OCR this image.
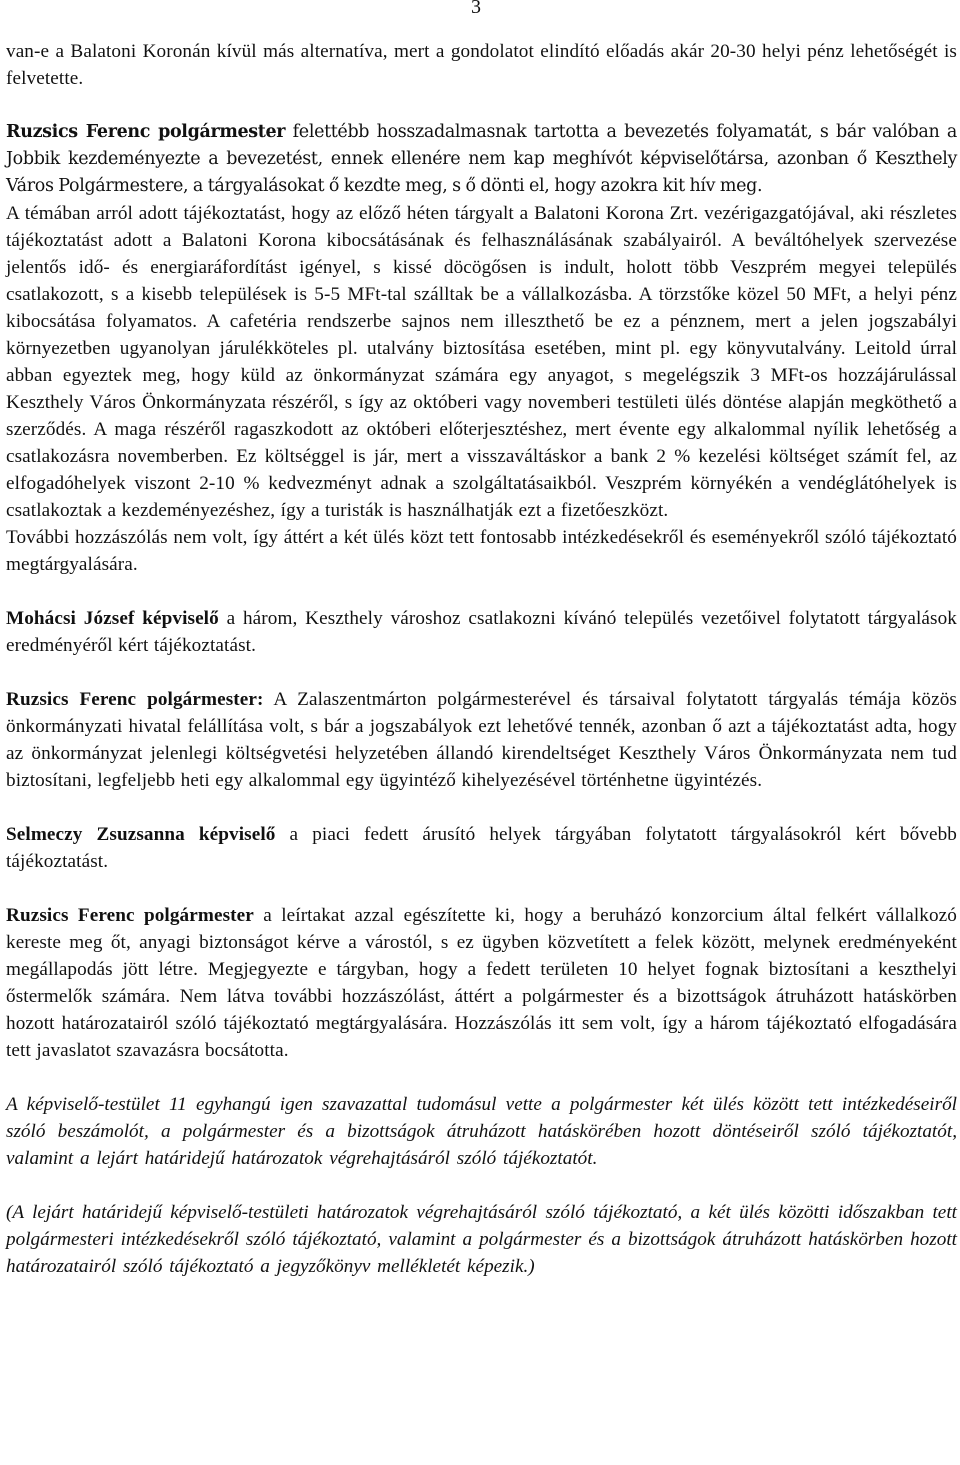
3

van-e a Balatoni Koronán kívül más alternatíva, mert a gondolatot elindító előadás akár 20-30 helyi pénz lehetőségét is felvetette.

Ruzsics Ferenc polgármester felettébb hosszadalmasnak tartotta a bevezetés folyamatát, s bár valóban a Jobbik kezdeményezte a bevezetést, ennek ellenére nem kap meghívót képviselőtársa, azonban ő Keszthely Város Polgármestere, a tárgyalásokat ő kezdte meg, s ő dönti el, hogy azokra kit hív meg.

A témában arról adott tájékoztatást, hogy az előző héten tárgyalt a Balatoni Korona Zrt. vezérigazgatójával, aki részletes tájékoztatást adott a Balatoni Korona kibocsátásának és felhasználásának szabályairól. A beváltóhelyek szervezése jelentős idő- és energiaráfordítást igényel, s kissé döcögősen is indult, holott több Veszprém megyei település csatlakozott, s a kisebb települések is 5-5 MFt-tal szálltak be a vállalkozásba. A törzstőke közel 50 MFt, a helyi pénz kibocsátása folyamatos. A cafetéria rendszerbe sajnos nem illeszthető be ez a pénznem, mert a jelen jogszabályi környezetben ugyanolyan járulékköteles pl. utalvány biztosítása esetében, mint pl. egy könyvutalvány. Leitold úrral abban egyeztek meg, hogy küld az önkormányzat számára egy anyagot, s megelégszik 3 MFt-os hozzájárulással Keszthely Város Önkormányzata részéről, s így az októberi vagy novemberi testületi ülés döntése alapján megköthető a szerződés. A maga részéről ragaszkodott az októberi előterjesztéshez, mert évente egy alkalommal nyílik lehetőség a csatlakozásra novemberben. Ez költséggel is jár, mert a visszaváltáskor a bank 2 % kezelési költséget számít fel, az elfogadóhelyek viszont 2-10 % kedvezményt adnak a szolgáltatásaikból. Veszprém környékén a vendéglátóhelyek is csatlakoztak a kezdeményezéshez, így a turisták is használhatják ezt a fizetőeszközt.

További hozzászólás nem volt, így áttért a két ülés közt tett fontosabb intézkedésekről és eseményekről szóló tájékoztató megtárgyalására.

Mohácsi József képviselő a három, Keszthely városhoz csatlakozni kívánó település vezetőivel folytatott tárgyalások eredményéről kért tájékoztatást.

Ruzsics Ferenc polgármester: A Zalaszentmárton polgármesterével és társaival folytatott tárgyalás témája közös önkormányzati hivatal felállítása volt, s bár a jogszabályok ezt lehetővé tennék, azonban ő azt a tájékoztatást adta, hogy az önkormányzat jelenlegi költségvetési helyzetében állandó kirendeltséget Keszthely Város Önkormányzata nem tud biztosítani, legfeljebb heti egy alkalommal egy ügyintéző kihelyezésével történhetne ügyintézés.

Selmeczy Zsuzsanna képviselő a piaci fedett árusító helyek tárgyában folytatott tárgyalásokról kért bővebb tájékoztatást.

Ruzsics Ferenc polgármester a leírtakat azzal egészítette ki, hogy a beruházó konzorcium által felkért vállalkozó kereste meg őt, anyagi biztonságot kérve a várostól, s ez ügyben közvetített a felek között, melynek eredményeként megállapodás jött létre. Megjegyezte e tárgyban, hogy a fedett területen 10 helyet fognak biztosítani a keszthelyi őstermelők számára. Nem látva további hozzászólást, áttért a polgármester és a bizottságok átruházott hatáskörben hozott határozatairól szóló tájékoztató megtárgyalására. Hozzászólás itt sem volt, így a három tájékoztató elfogadására tett javaslatot szavazásra bocsátotta.

A képviselő-testület 11 egyhangú igen szavazattal tudomásul vette a polgármester két ülés között tett intézkedéseiről szóló beszámolót, a polgármester és a bizottságok átruházott hatáskörében hozott döntéseiről szóló tájékoztatót, valamint a lejárt határidejű határozatok végrehajtásáról szóló tájékoztatót.

(A lejárt határidejű képviselő-testületi határozatok végrehajtásáról szóló tájékoztató, a két ülés közötti időszakban tett polgármesteri intézkedésekről szóló tájékoztató, valamint a polgármester és a bizottságok átruházott hatáskörben hozott határozatairól szóló tájékoztató a jegyzőkönyv mellékletét képezik.)
